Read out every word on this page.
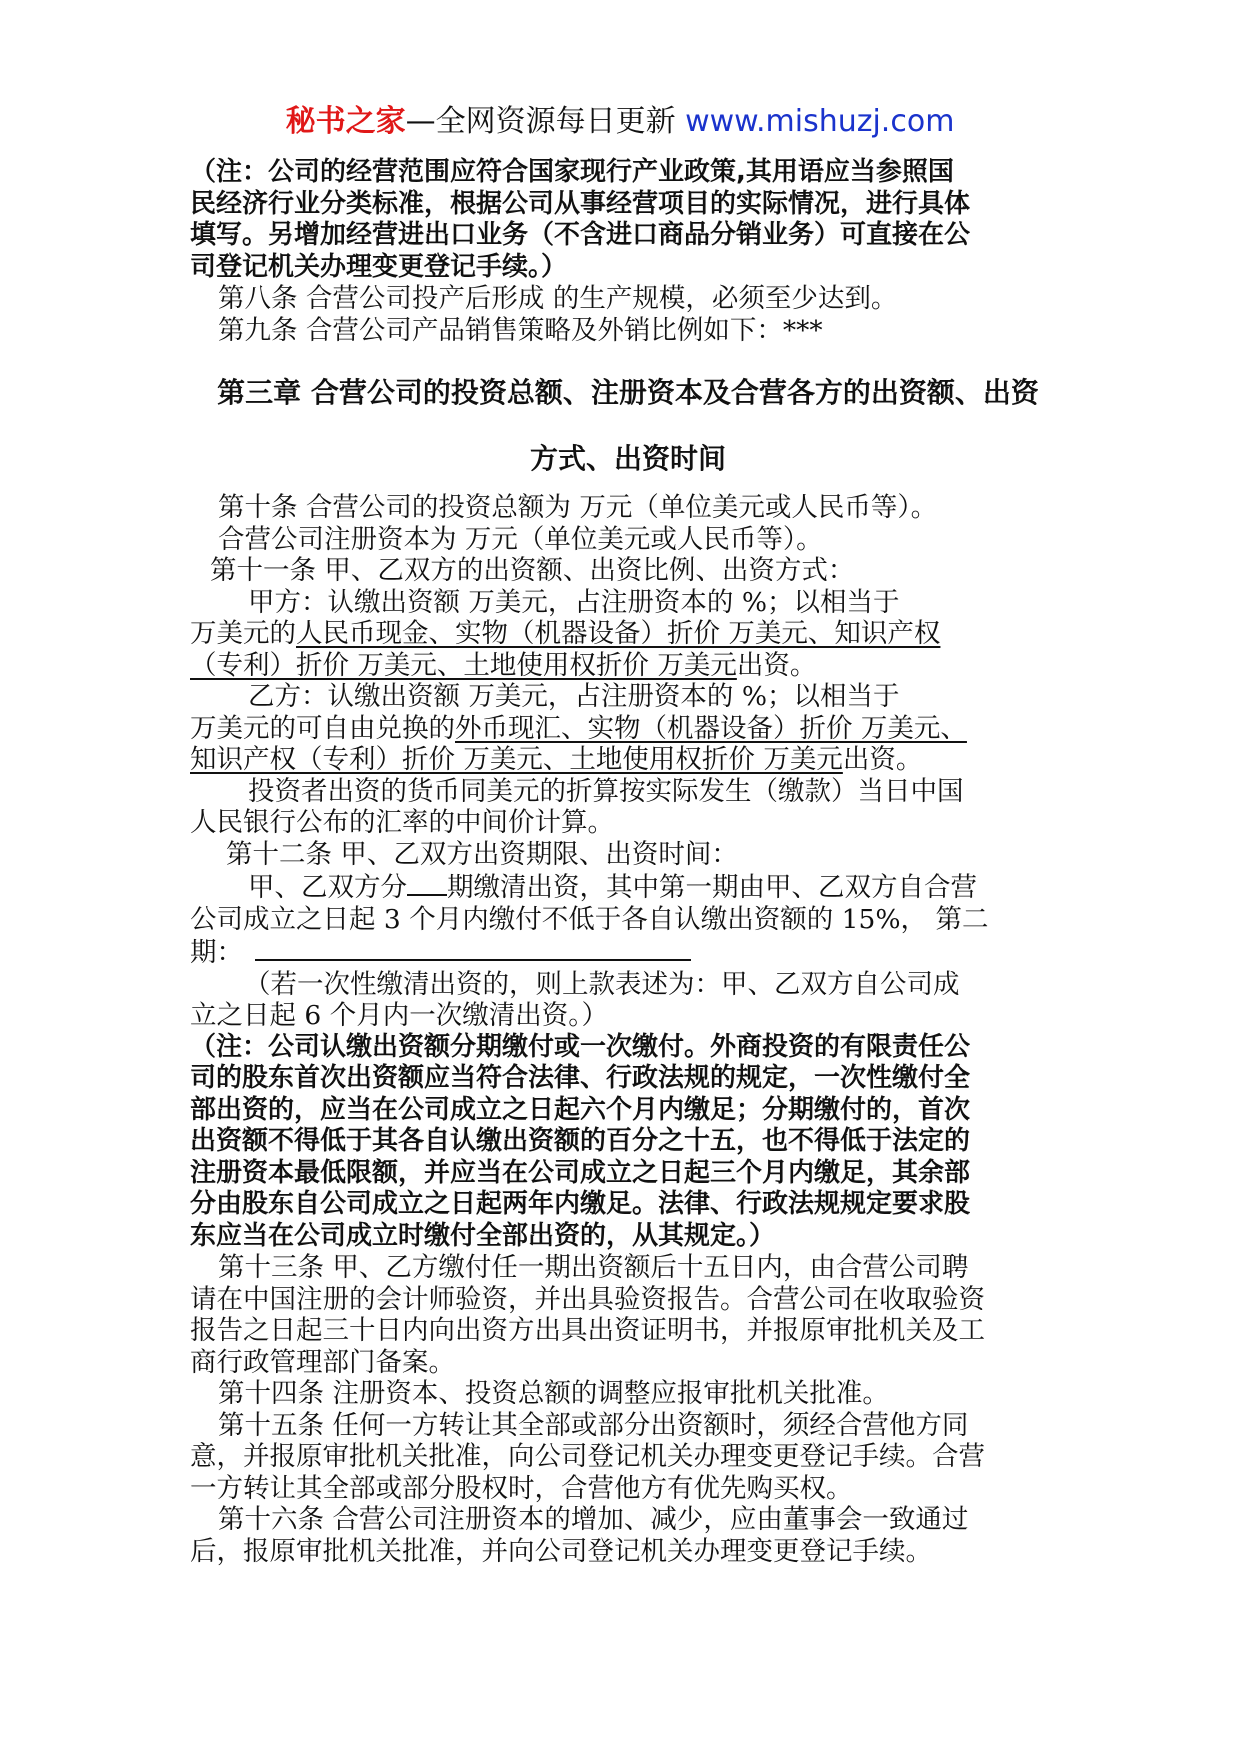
秘书之家—全网资源每日更新 www.mishuzj.com

（注：公司的经营范围应符合国家现行产业政策,其用语应当参照国

民经济行业分类标准，根据公司从事经营项目的实际情况，进行具体

填写。另增加经营进出口业务（不含进口商品分销业务）可直接在公

司登记机关办理变更登记手续。）

第八条 合营公司投产后形成 的生产规模，必须至少达到。

第九条 合营公司产品销售策略及外销比例如下：***

第三章 合营公司的投资总额、注册资本及合营各方的出资额、出资

方式、出资时间

第十条 合营公司的投资总额为 万元（单位美元或人民币等）。

合营公司注册资本为 万元（单位美元或人民币等）。

第十一条 甲、乙双方的出资额、出资比例、出资方式：

甲方：认缴出资额 万美元，占注册资本的 %；以相当于

万美元的人民币现金、实物（机器设备）折价 万美元、知识产权

（专利）折价 万美元、土地使用权折价 万美元出资。

乙方：认缴出资额 万美元，占注册资本的 %；以相当于

万美元的可自由兑换的外币现汇、实物（机器设备）折价 万美元、

知识产权（专利）折价 万美元、土地使用权折价 万美元出资。

投资者出资的货币同美元的折算按实际发生（缴款）当日中国

人民银行公布的汇率的中间价计算。

第十二条 甲、乙双方出资期限、出资时间：

甲、乙双方分 期缴清出资，其中第一期由甲、乙双方自合营

公司成立之日起 3 个月内缴付不低于各自认缴出资额的 15%， 第二

期：

（若一次性缴清出资的，则上款表述为：甲、乙双方自公司成

立之日起 6 个月内一次缴清出资。）

（注：公司认缴出资额分期缴付或一次缴付。外商投资的有限责任公

司的股东首次出资额应当符合法律、行政法规的规定，一次性缴付全

部出资的，应当在公司成立之日起六个月内缴足；分期缴付的，首次

出资额不得低于其各自认缴出资额的百分之十五，也不得低于法定的

注册资本最低限额，并应当在公司成立之日起三个月内缴足，其余部

分由股东自公司成立之日起两年内缴足。法律、行政法规规定要求股

东应当在公司成立时缴付全部出资的，从其规定。）

第十三条 甲、乙方缴付任一期出资额后十五日内，由合营公司聘

请在中国注册的会计师验资，并出具验资报告。合营公司在收取验资

报告之日起三十日内向出资方出具出资证明书，并报原审批机关及工

商行政管理部门备案。

第十四条 注册资本、投资总额的调整应报审批机关批准。

第十五条 任何一方转让其全部或部分出资额时，须经合营他方同

意，并报原审批机关批准，向公司登记机关办理变更登记手续。合营

一方转让其全部或部分股权时，合营他方有优先购买权。

第十六条 合营公司注册资本的增加、减少，应由董事会一致通过

后，报原审批机关批准，并向公司登记机关办理变更登记手续。
